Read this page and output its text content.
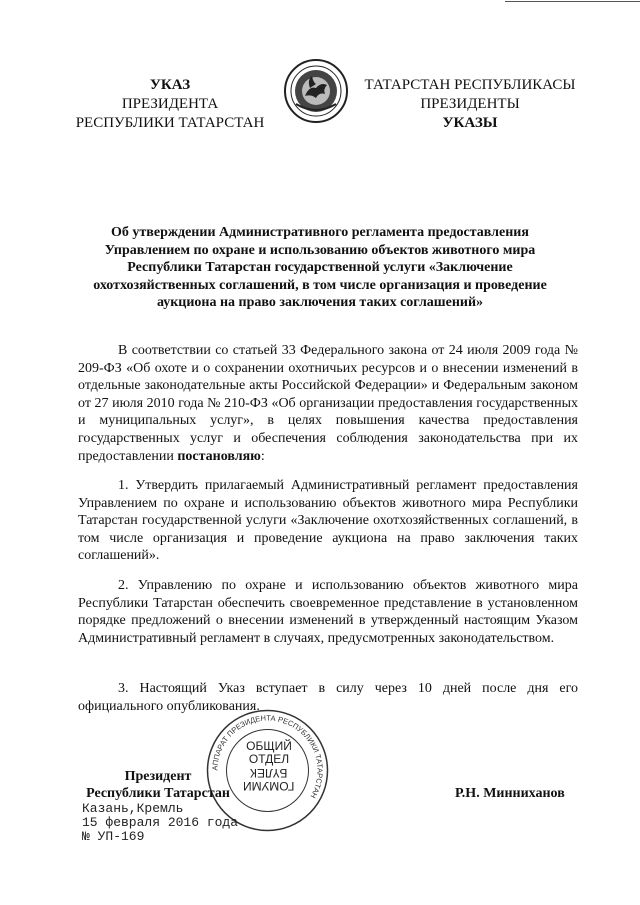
УКАЗ
ПРЕЗИДЕНТА
РЕСПУБЛИКИ ТАТАРСТАН
ТАТАРСТАН РЕСПУБЛИКАСЫ
ПРЕЗИДЕНТЫ
УКАЗЫ
Об утверждении Административного регламента предоставления Управлением по охране и использованию объектов животного мира Республики Татарстан государственной услуги «Заключение охотхозяйственных соглашений, в том числе организация и проведение аукциона на право заключения таких соглашений»
В соответствии со статьей 33 Федерального закона от 24 июля 2009 года № 209-ФЗ «Об охоте и о сохранении охотничьих ресурсов и о внесении изменений в отдельные законодательные акты Российской Федерации» и Федеральным законом от 27 июля 2010 года № 210-ФЗ «Об организации предоставления государственных и муниципальных услуг», в целях повышения качества предоставления государственных услуг и обеспечения соблюдения законодательства при их предоставлении постановляю:
1. Утвердить прилагаемый Административный регламент предоставления Управлением по охране и использованию объектов животного мира Республики Татарстан государственной услуги «Заключение охотхозяйственных соглашений, в том числе организация и проведение аукциона на право заключения таких соглашений».
2. Управлению по охране и использованию объектов животного мира Республики Татарстан обеспечить своевременное представление в установленном порядке предложений о внесении изменений в утвержденный настоящим Указом Административный регламент в случаях, предусмотренных законодательством.
3. Настоящий Указ вступает в силу через 10 дней после дня его официального опубликования.
АППАРАТ ПРЕЗИДЕНТА РЕСПУБЛИКИ ТАТАРСТАН
ОБЩИЙ
ОТДЕЛ
БҮЛЕК ГОМУМИ
Президент
Республики Татарстан	Р.Н. Минниханов
Казань,Кремль
15 февраля 2016 года
№ УП-169
